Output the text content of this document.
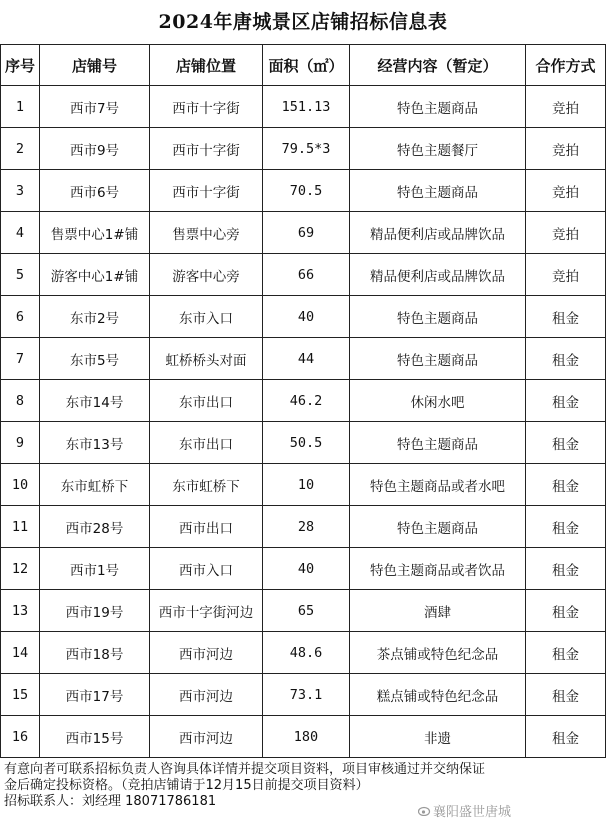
2024年唐城景区店铺招标信息表
序号	店铺号	店铺位置	面积（㎡）	经营内容（暂定）	合作方式
1	西市7号	西市十字街	151.13	特色主题商品	竞拍
2	西市9号	西市十字街	79.5*3	特色主题餐厅	竞拍
3	西市6号	西市十字街	70.5	特色主题商品	竞拍
4	售票中心1#铺	售票中心旁	69	精品便利店或品牌饮品	竞拍
5	游客中心1#铺	游客中心旁	66	精品便利店或品牌饮品	竞拍
6	东市2号	东市入口	40	特色主题商品	租金
7	东市5号	虹桥桥头对面	44	特色主题商品	租金
8	东市14号	东市出口	46.2	休闲水吧	租金
9	东市13号	东市出口	50.5	特色主题商品	租金
10	东市虹桥下	东市虹桥下	10	特色主题商品或者水吧	租金
11	西市28号	西市出口	28	特色主题商品	租金
12	西市1号	西市入口	40	特色主题商品或者饮品	租金
13	西市19号	西市十字街河边	65	酒肆	租金
14	西市18号	西市河边	48.6	茶点铺或特色纪念品	租金
15	西市17号	西市河边	73.1	糕点铺或特色纪念品	租金
16	西市15号	西市河边	180	非遗	租金

有意向者可联系招标负责人咨询具体详情并提交项目资料，项目审核通过并交纳保证

金后确定投标资格。（竞拍店铺请于12月15日前提交项目资料）

招标联系人：刘经理 18071786181

襄阳盛世唐城
